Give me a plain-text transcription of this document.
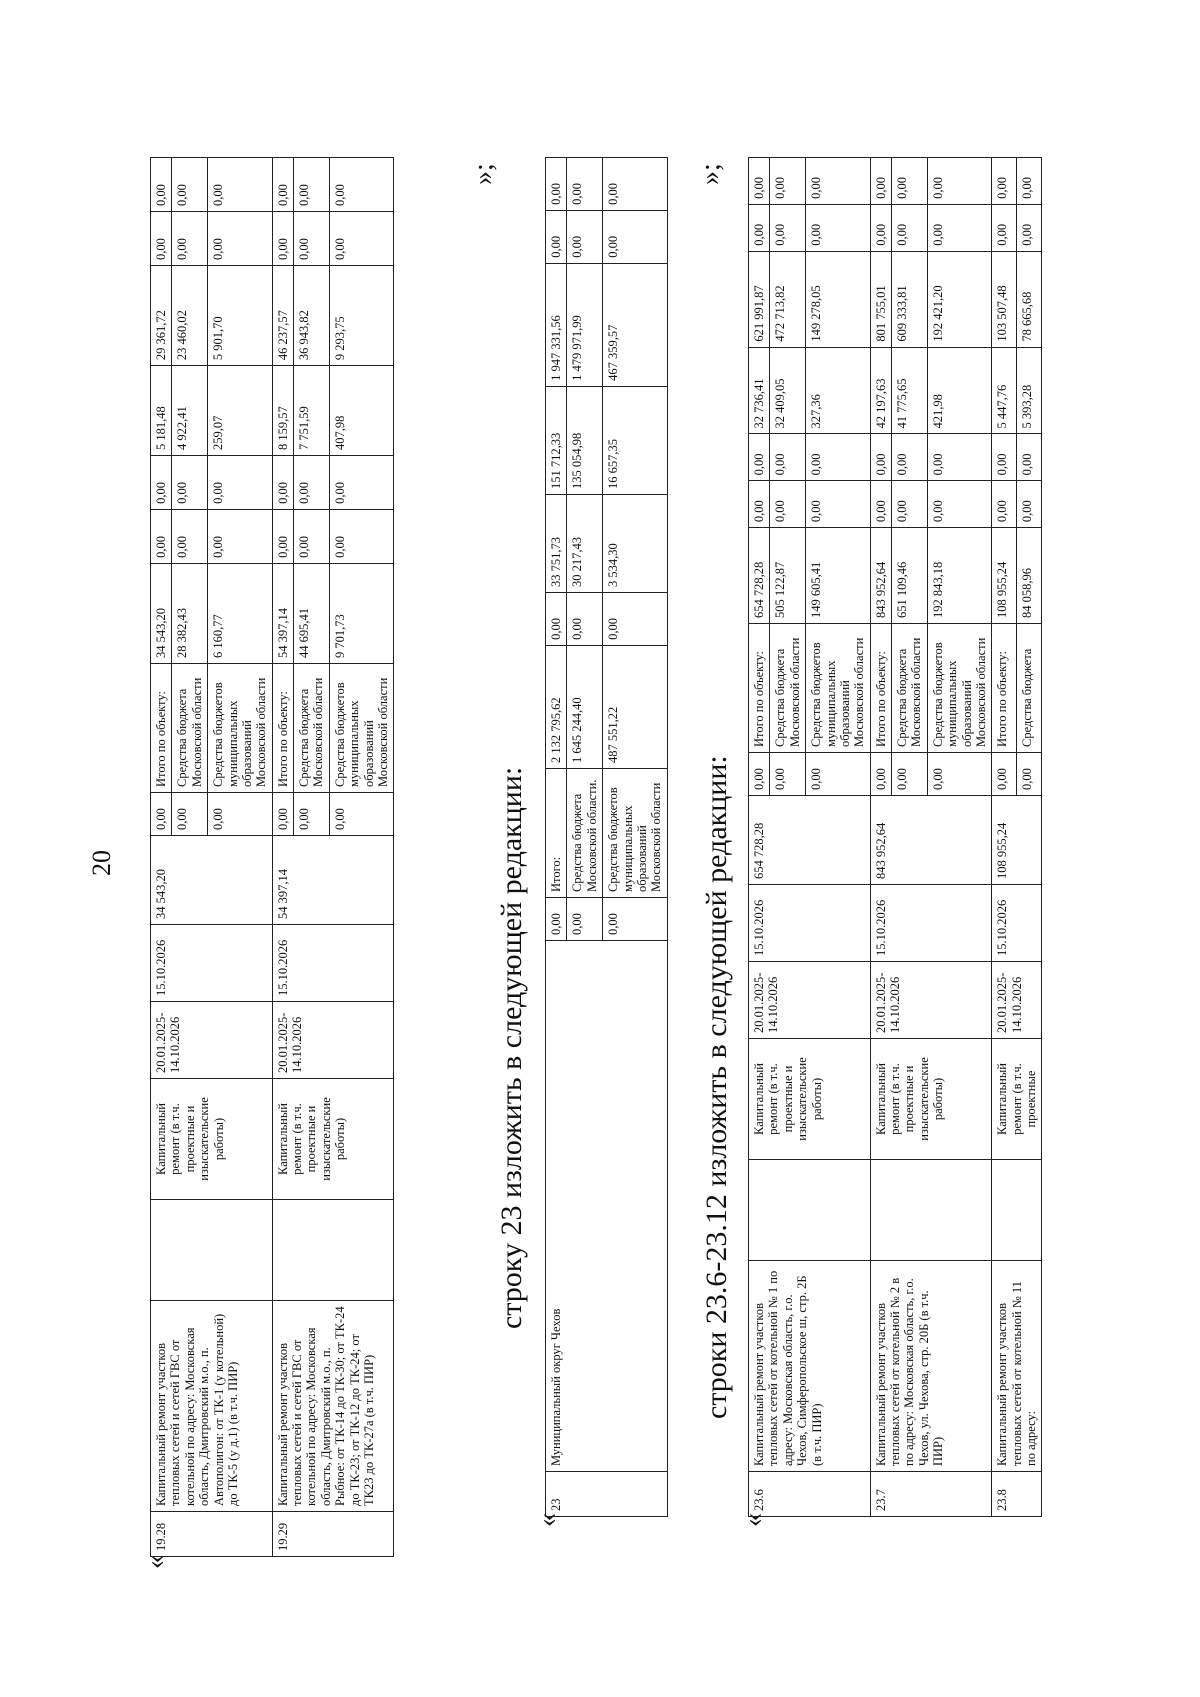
20
«
19.28	Капитальный ремонт участков тепловых сетей и сетей ГВС от котельной по адресу: Московская область, Дмитровский м.о., п. Автополигон: от ТК-1 (у котельной) до ТК-5 (у д.1) (в т.ч. ПИР)		Капитальный ремонт (в т.ч. проектные и изыскательские работы)	20.01.2025-14.10.2026	15.10.2026	34 543,20	0,00	Итого по объекту:	34 543,20	0,00	0,00	5 181,48	29 361,72	0,00	0,00
							0,00	Средства бюджета Московской области	28 382,43	0,00	0,00	4 922,41	23 460,02	0,00	0,00
							0,00	Средства бюджетов муниципальных образований Московской области	6 160,77	0,00	0,00	259,07	5 901,70	0,00	0,00
19.29	Капитальный ремонт участков тепловых сетей и сетей ГВС от котельной по адресу: Московская область, Дмитровский м.о., п. Рыбное: от ТК-14 до ТК-30; от ТК-24 до ТК-23; от ТК-12 до ТК-24; от ТК23 до ТК-27а (в т.ч. ПИР)		Капитальный ремонт (в т.ч. проектные и изыскательские работы)	20.01.2025-14.10.2026	15.10.2026	54 397,14	0,00	Итого по объекту:	54 397,14	0,00	0,00	8 159,57	46 237,57	0,00	0,00
							0,00	Средства бюджета Московской области	44 695,41	0,00	0,00	7 751,59	36 943,82	0,00	0,00
							0,00	Средства бюджетов муниципальных образований Московской области	9 701,73	0,00	0,00	407,98	9 293,75	0,00	0,00
»;
строку 23 изложить в следующей редакции:
«
23	Муниципальный округ Чехов	0,00	Итого:	2 132 795,62	0,00	33 751,73	151 712,33	1 947 331,56	0,00	0,00
		0,00	Средства бюджета Московской области.	1 645 244,40	0,00	30 217,43	135 054,98	1 479 971,99	0,00	0,00
		0,00	Средства бюджетов муниципальных образований Московской области	487 551,22	0,00	3 534,30	16 657,35	467 359,57	0,00	0,00
»;
строки 23.6-23.12 изложить в следующей редакции:
«
23.6	Капитальный ремонт участков тепловых сетей от котельной № 1 по адресу: Московская область, г.о. Чехов, Симферопольское ш, стр. 2Б (в т.ч. ПИР)		Капитальный ремонт (в т.ч. проектные и изыскательские работы)	20.01.2025-14.10.2026	15.10.2026	654 728,28	0,00	Итого по объекту:	654 728,28	0,00	0,00	32 736,41	621 991,87	0,00	0,00
							0,00	Средства бюджета Московской области	505 122,87	0,00	0,00	32 409,05	472 713,82	0,00	0,00
							0,00	Средства бюджетов муниципальных образований Московской области	149 605,41	0,00	0,00	327,36	149 278,05	0,00	0,00
23.7	Капитальный ремонт участков тепловых сетей от котельной № 2 в по адресу: Московская область, г.о. Чехов, ул. Чехова, стр. 20Б (в т.ч. ПИР)		Капитальный ремонт (в т.ч. проектные и изыскательские работы)	20.01.2025-14.10.2026	15.10.2026	843 952,64	0,00	Итого по объекту:	843 952,64	0,00	0,00	42 197,63	801 755,01	0,00	0,00
							0,00	Средства бюджета Московской области	651 109,46	0,00	0,00	41 775,65	609 333,81	0,00	0,00
							0,00	Средства бюджетов муниципальных образований Московской области	192 843,18	0,00	0,00	421,98	192 421,20	0,00	0,00
23.8	Капитальный ремонт участков тепловых сетей от котельной № 11 по адресу:		Капитальный ремонт (в т.ч. проектные	20.01.2025-14.10.2026	15.10.2026	108 955,24	0,00	Итого по объекту:	108 955,24	0,00	0,00	5 447,76	103 507,48	0,00	0,00
							0,00	Средства бюджета	84 058,96	0,00	0,00	5 393,28	78 665,68	0,00	0,00
